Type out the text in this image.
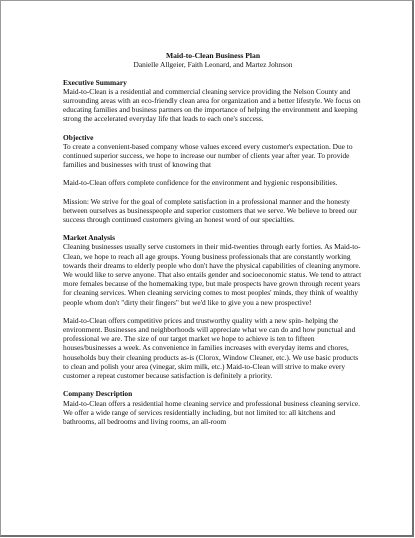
Maid-to-Clean Business Plan
Danielle Allgeier, Faith Leonard, and Martez Johnson

Executive Summary

Maid-to-Clean is a residential and commercial cleaning service providing the Nelson County and surrounding areas with an eco-friendly clean area for organization and a better lifestyle. We focus on educating families and business partners on the importance of helping the environment and keeping strong the accelerated everyday life that leads to each one's success.

Objective

To create a convenient-based company whose values exceed every customer's expectation. Due to continued superior success, we hope to increase our number of clients year after year. To provide families and businesses with trust of knowing that

Maid-to-Clean offers complete confidence for the environment and hygienic responsibilities.

Mission: We strive for the goal of complete satisfaction in a professional manner and the honesty between ourselves as businesspeople and superior customers that we serve. We believe to breed our success through continued customers giving an honest word of our specialties.

Market Analysis

Cleaning businesses usually serve customers in their mid-twenties through early forties. As Maid-to-Clean, we hope to reach all age groups. Young business professionals that are constantly working towards their dreams to elderly people who don't have the physical capabilities of cleaning anymore. We would like to serve anyone. That also entails gender and socioeconomic status. We tend to attract more females because of the homemaking type, but male prospects have grown through recent years for cleaning services. When cleaning servicing comes to most peoples' minds, they think of wealthy people whom don't "dirty their fingers" but we'd like to give you a new prospective!

Maid-to-Clean offers competitive prices and trustworthy quality with a new spin- helping the environment. Businesses and neighborhoods will appreciate what we can do and how punctual and professional we are. The size of our target market we hope to achieve is ten to fifteen houses/businesses a week. As convenience in families increases with everyday items and chores, households buy their cleaning products as-is (Clorox, Window Cleaner, etc.). We use basic products to clean and polish your area (vinegar, skim milk, etc.) Maid-to-Clean will strive to make every customer a repeat customer because satisfaction is definitely a priority.

Company Description

Maid-to-Clean offers a residential home cleaning service and professional business cleaning service. We offer a wide range of services residentially including, but not limited to: all kitchens and bathrooms, all bedrooms and living rooms, an all-room
